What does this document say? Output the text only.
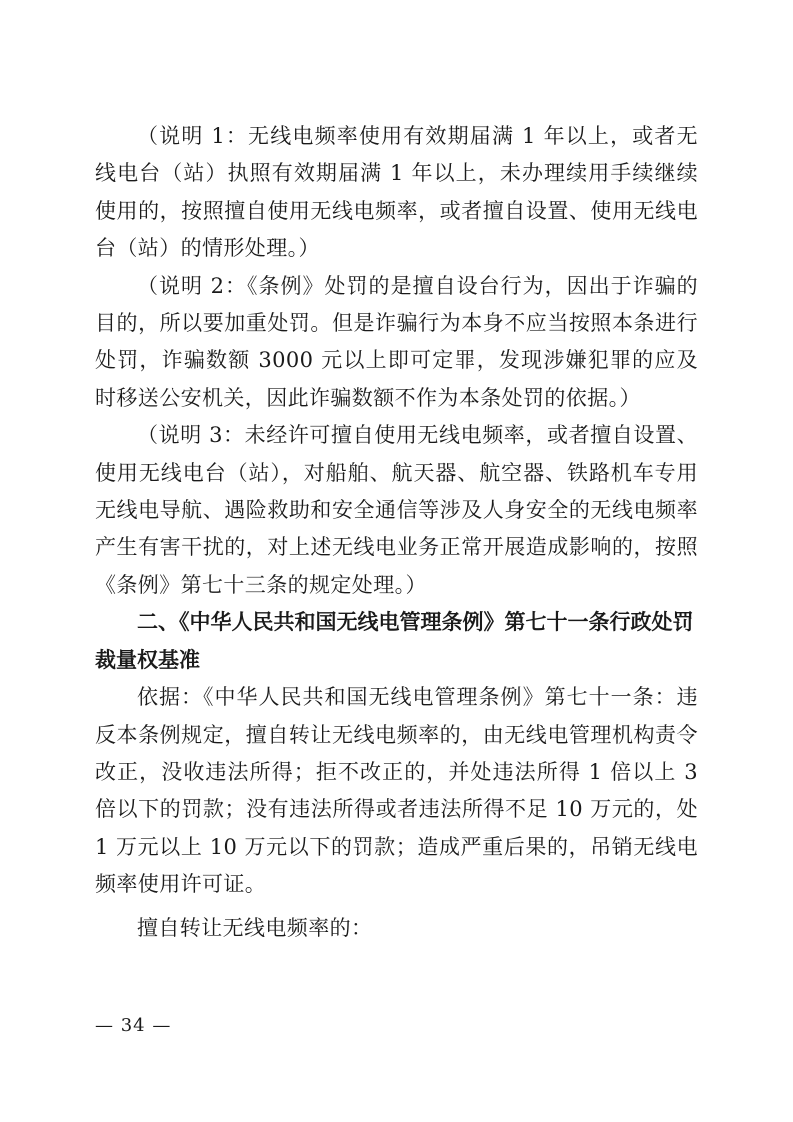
（说明 1：无线电频率使用有效期届满 1 年以上，或者无线电台（站）执照有效期届满 1 年以上，未办理续用手续继续使用的，按照擅自使用无线电频率，或者擅自设置、使用无线电台（站）的情形处理。）

（说明 2：《条例》处罚的是擅自设台行为，因出于诈骗的目的，所以要加重处罚。但是诈骗行为本身不应当按照本条进行处罚，诈骗数额 3000 元以上即可定罪，发现涉嫌犯罪的应及时移送公安机关，因此诈骗数额不作为本条处罚的依据。）

（说明 3：未经许可擅自使用无线电频率，或者擅自设置、使用无线电台（站），对船舶、航天器、航空器、铁路机车专用无线电导航、遇险救助和安全通信等涉及人身安全的无线电频率产生有害干扰的，对上述无线电业务正常开展造成影响的，按照《条例》第七十三条的规定处理。）

二、《中华人民共和国无线电管理条例》第七十一条行政处罚裁量权基准

依据：《中华人民共和国无线电管理条例》第七十一条：违反本条例规定，擅自转让无线电频率的，由无线电管理机构责令改正，没收违法所得；拒不改正的，并处违法所得 1 倍以上 3 倍以下的罚款；没有违法所得或者违法所得不足 10 万元的，处 1 万元以上 10 万元以下的罚款；造成严重后果的，吊销无线电频率使用许可证。

擅自转让无线电频率的：

— 34 —
